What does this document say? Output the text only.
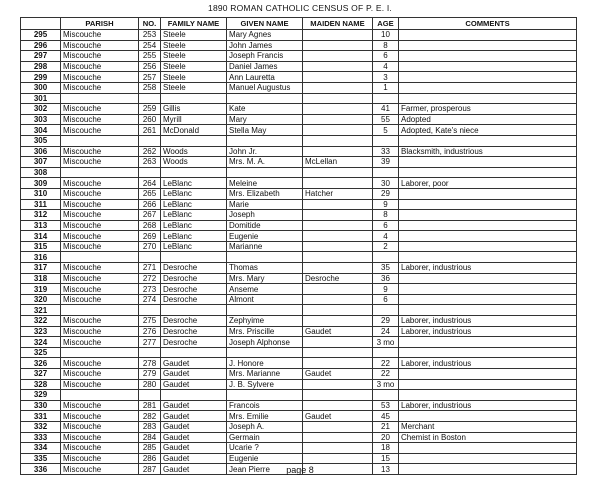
1890 ROMAN CATHOLIC CENSUS OF P. E. I.
	PARISH	NO.	FAMILY NAME	GIVEN NAME	MAIDEN NAME	AGE	COMMENTS
295	Miscouche	253	Steele	Mary Agnes		10	
296	Miscouche	254	Steele	John James		8	
297	Miscouche	255	Steele	Joseph Francis		6	
298	Miscouche	256	Steele	Daniel James		4	
299	Miscouche	257	Steele	Ann Lauretta		3	
300	Miscouche	258	Steele	Manuel Augustus		1	
301							
302	Miscouche	259	Gillis	Kate		41	Farmer, prosperous
303	Miscouche	260	Myrill	Mary		55	Adopted
304	Miscouche	261	McDonald	Stella May		5	Adopted, Kate's niece
305							
306	Miscouche	262	Woods	John Jr.		33	Blacksmith, industrious
307	Miscouche	263	Woods	Mrs. M. A.	McLellan	39	
308							
309	Miscouche	264	LeBlanc	Meleine		30	Laborer, poor
310	Miscouche	265	LeBlanc	Mrs. Elizabeth	Hatcher	29	
311	Miscouche	266	LeBlanc	Marie		9	
312	Miscouche	267	LeBlanc	Joseph		8	
313	Miscouche	268	LeBlanc	Domitide		6	
314	Miscouche	269	LeBlanc	Eugenie		4	
315	Miscouche	270	LeBlanc	Marianne		2	
316							
317	Miscouche	271	Desroche	Thomas		35	Laborer, industrious
318	Miscouche	272	Desroche	Mrs. Mary	Desroche	36	
319	Miscouche	273	Desroche	Anseme		9	
320	Miscouche	274	Desroche	Almont		6	
321							
322	Miscouche	275	Desroche	Zephyime		29	Laborer, industrious
323	Miscouche	276	Desroche	Mrs. Priscille	Gaudet	24	Laborer, industrious
324	Miscouche	277	Desroche	Joseph Alphonse		3 mo	
325							
326	Miscouche	278	Gaudet	J. Honore		22	Laborer, industrious
327	Miscouche	279	Gaudet	Mrs. Marianne	Gaudet	22	
328	Miscouche	280	Gaudet	J. B. Sylvere		3 mo	
329							
330	Miscouche	281	Gaudet	Francois		53	Laborer, industrious
331	Miscouche	282	Gaudet	Mrs. Emilie	Gaudet	45	
332	Miscouche	283	Gaudet	Joseph A.		21	Merchant
333	Miscouche	284	Gaudet	Germain		20	Chemist in Boston
334	Miscouche	285	Gaudet	Ucarie ?		18	
335	Miscouche	286	Gaudet	Eugenie		15	
336	Miscouche	287	Gaudet	Jean Pierre		13	
page 8
